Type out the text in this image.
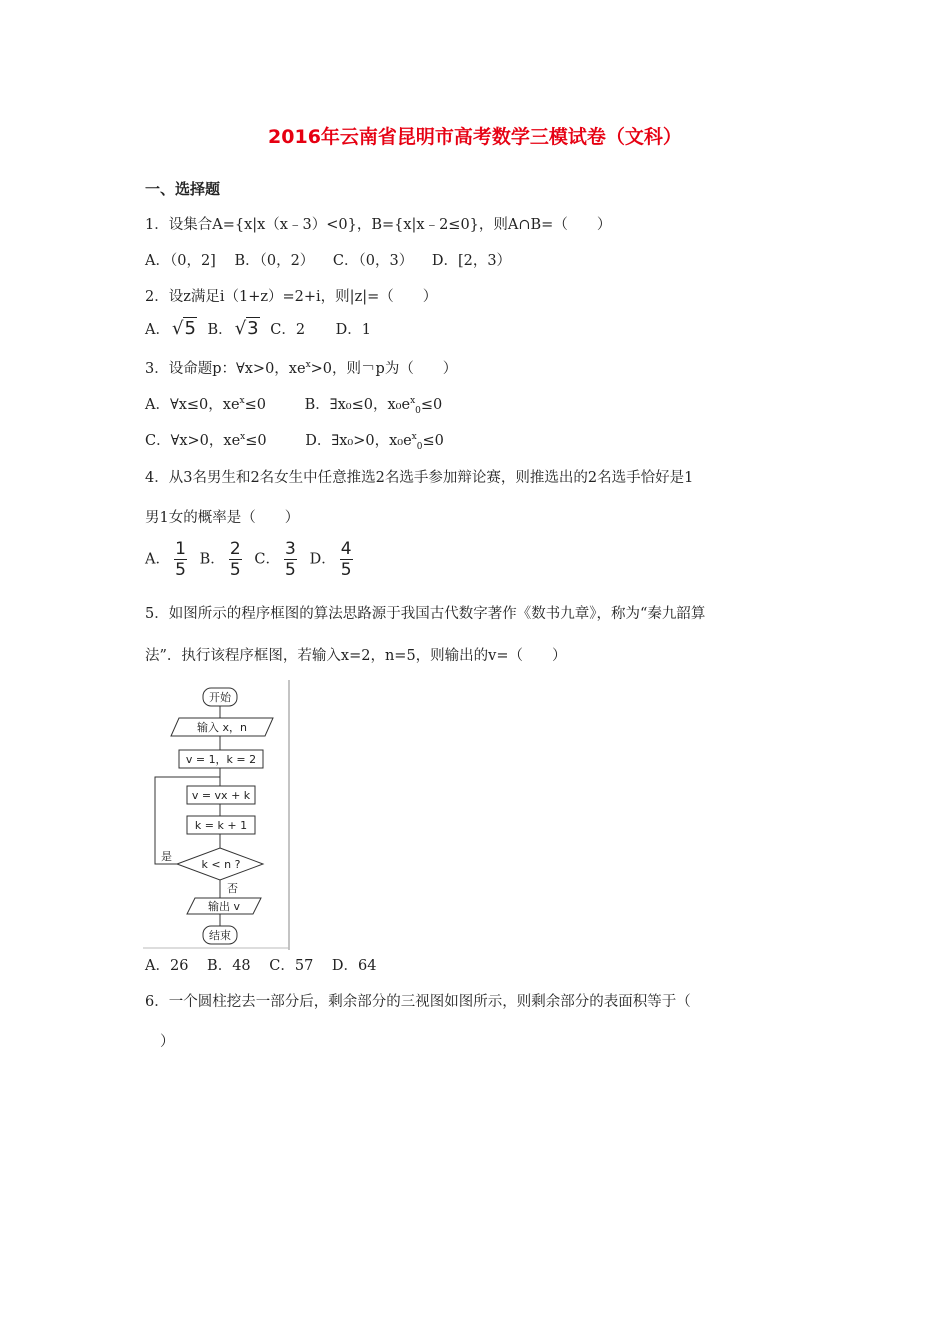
2016年云南省昆明市高考数学三模试卷（文科）
一、选择题
1．设集合A={x|x（x﹣3）<0}，B={x|x﹣2≤0}，则A∩B=（　　）
A．（0，2] B．（0，2） C．（0，3） D．[2，3）
2．设z满足i（1+z）=2+i，则|z|=（　　）
A． √ 5 B． √ 3 C．2 D．1
3．设命题p：∀x>0，$xe^x>0$，则￢p为（　　）
A．∀x≤0，$xe^x\le 0$	B．∃x₀≤0，$x_0e^x_0\le 0$
C．∀x>0，$xe^x\le 0$	D．∃x₀>0，$x_0e^x_0\le 0$
4．从3名男生和2名女生中任意推选2名选手参加辩论赛，则推选出的2名选手恰好是1
男1女的概率是（　　）
A． $\frac{1}{5}$ B． $\frac{2}{5}$ C． $\frac{3}{5}$ D． $\frac{4}{5}$
5．如图所示的程序框图的算法思路源于我国古代数字著作《数书九章》，称为“秦九韶算
法”．执行该程序框图，若输入x=2，n=5，则输出的v=（　　）
开始
输入 x，n
v = 1，k = 2
v = vx + k
k = k + 1
k < n ?
是
否
输出 v
结束
A．26 B．48 C．57 D．64
6．一个圆柱挖去一部分后，剩余部分的三视图如图所示，则剩余部分的表面积等于（
）
